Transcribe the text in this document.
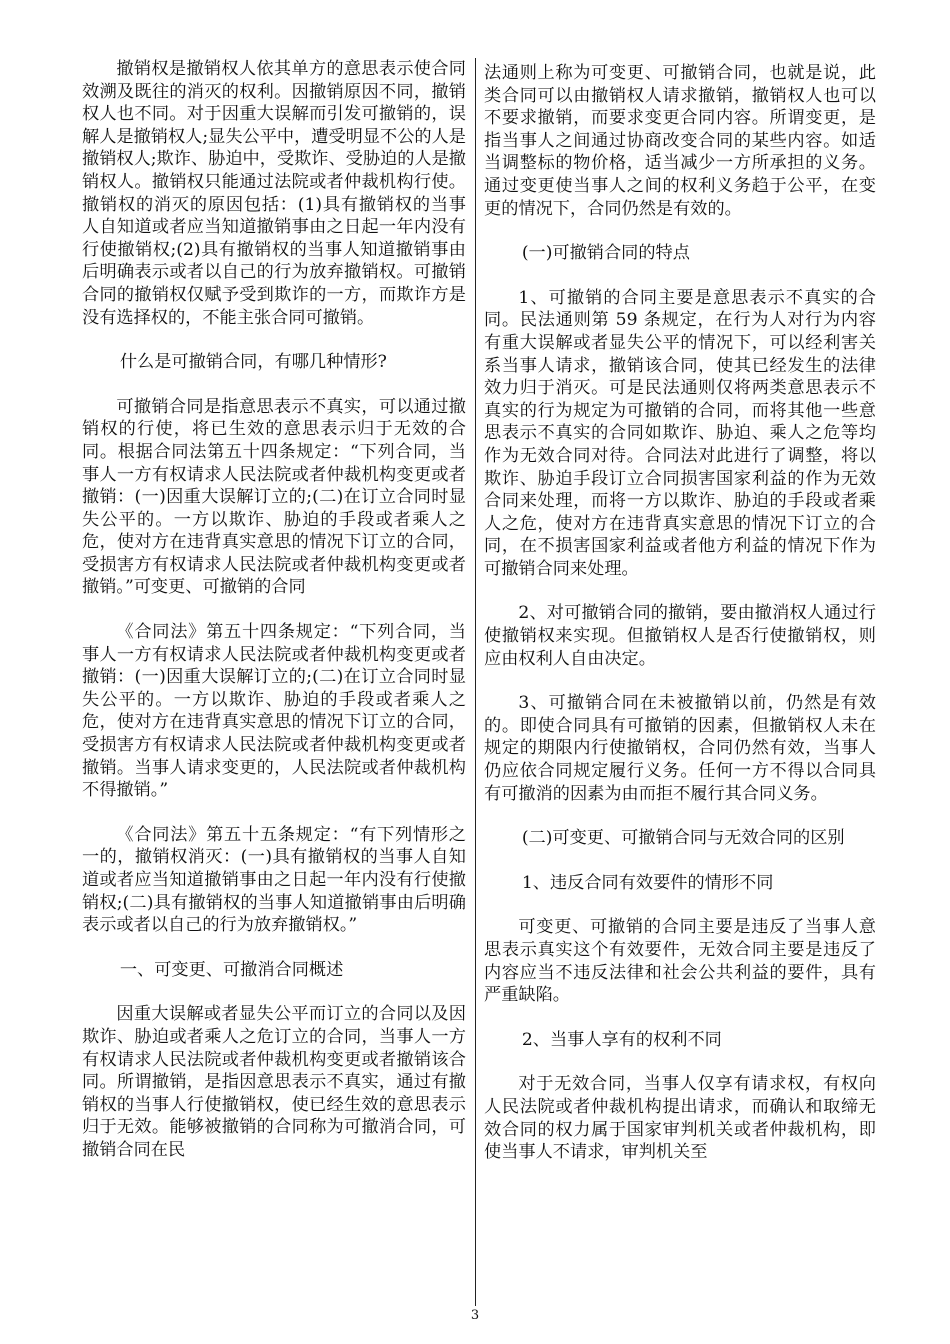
撤销权是撤销权人依其单方的意思表示使合同效溯及既往的消灭的权利。因撤销原因不同，撤销权人也不同。对于因重大误解而引发可撤销的，误解人是撤销权人;显失公平中，遭受明显不公的人是撤销权人;欺诈、胁迫中，受欺诈、受胁迫的人是撤销权人。撤销权只能通过法院或者仲裁机构行使。撤销权的消灭的原因包括：(1)具有撤销权的当事人自知道或者应当知道撤销事由之日起一年内没有行使撤销权;(2)具有撤销权的当事人知道撤销事由后明确表示或者以自己的行为放弃撤销权。可撤销合同的撤销权仅赋予受到欺诈的一方，而欺诈方是没有选择权的，不能主张合同可撤销。

什么是可撤销合同，有哪几种情形?

可撤销合同是指意思表示不真实，可以通过撤销权的行使，将已生效的意思表示归于无效的合同。根据合同法第五十四条规定：“下列合同，当事人一方有权请求人民法院或者仲裁机构变更或者撤销：(一)因重大误解订立的;(二)在订立合同时显失公平的。一方以欺诈、胁迫的手段或者乘人之危，使对方在违背真实意思的情况下订立的合同，受损害方有权请求人民法院或者仲裁机构变更或者撤销。”可变更、可撤销的合同

《合同法》第五十四条规定：“下列合同，当事人一方有权请求人民法院或者仲裁机构变更或者撤销：(一)因重大误解订立的;(二)在订立合同时显失公平的。一方以欺诈、胁迫的手段或者乘人之危，使对方在违背真实意思的情况下订立的合同，受损害方有权请求人民法院或者仲裁机构变更或者撤销。当事人请求变更的，人民法院或者仲裁机构不得撤销。”

《合同法》第五十五条规定：“有下列情形之一的，撤销权消灭：(一)具有撤销权的当事人自知道或者应当知道撤销事由之日起一年内没有行使撤销权;(二)具有撤销权的当事人知道撤销事由后明确表示或者以自己的行为放弃撤销权。”

一、可变更、可撤消合同概述

因重大误解或者显失公平而订立的合同以及因欺诈、胁迫或者乘人之危订立的合同，当事人一方有权请求人民法院或者仲裁机构变更或者撤销该合同。所谓撤销，是指因意思表示不真实，通过有撤销权的当事人行使撤销权，使已经生效的意思表示归于无效。能够被撤销的合同称为可撤消合同，可撤销合同在民

法通则上称为可变更、可撤销合同，也就是说，此类合同可以由撤销权人请求撤销，撤销权人也可以不要求撤销，而要求变更合同内容。所谓变更，是指当事人之间通过协商改变合同的某些内容。如适当调整标的物价格，适当减少一方所承担的义务。通过变更使当事人之间的权利义务趋于公平，在变更的情况下，合同仍然是有效的。

(一)可撤销合同的特点

1、可撤销的合同主要是意思表示不真实的合同。民法通则第 59 条规定，在行为人对行为内容有重大误解或者显失公平的情况下，可以经利害关系当事人请求，撤销该合同，使其已经发生的法律效力归于消灭。可是民法通则仅将两类意思表示不真实的行为规定为可撤销的合同，而将其他一些意思表示不真实的合同如欺诈、胁迫、乘人之危等均作为无效合同对待。合同法对此进行了调整，将以欺诈、胁迫手段订立合同损害国家利益的作为无效合同来处理，而将一方以欺诈、胁迫的手段或者乘人之危，使对方在违背真实意思的情况下订立的合同，在不损害国家利益或者他方利益的情况下作为可撤销合同来处理。

2、对可撤销合同的撤销，要由撤消权人通过行使撤销权来实现。但撤销权人是否行使撤销权，则应由权利人自由决定。

3、可撤销合同在未被撤销以前，仍然是有效的。即使合同具有可撤销的因素，但撤销权人未在规定的期限内行使撤销权，合同仍然有效，当事人仍应依合同规定履行义务。任何一方不得以合同具有可撤消的因素为由而拒不履行其合同义务。

(二)可变更、可撤销合同与无效合同的区别

1、违反合同有效要件的情形不同

可变更、可撤销的合同主要是违反了当事人意思表示真实这个有效要件，无效合同主要是违反了内容应当不违反法律和社会公共利益的要件，具有严重缺陷。

2、当事人享有的权利不同

对于无效合同，当事人仅享有请求权，有权向人民法院或者仲裁机构提出请求，而确认和取缔无效合同的权力属于国家审判机关或者仲裁机构，即使当事人不请求，审判机关至

3
